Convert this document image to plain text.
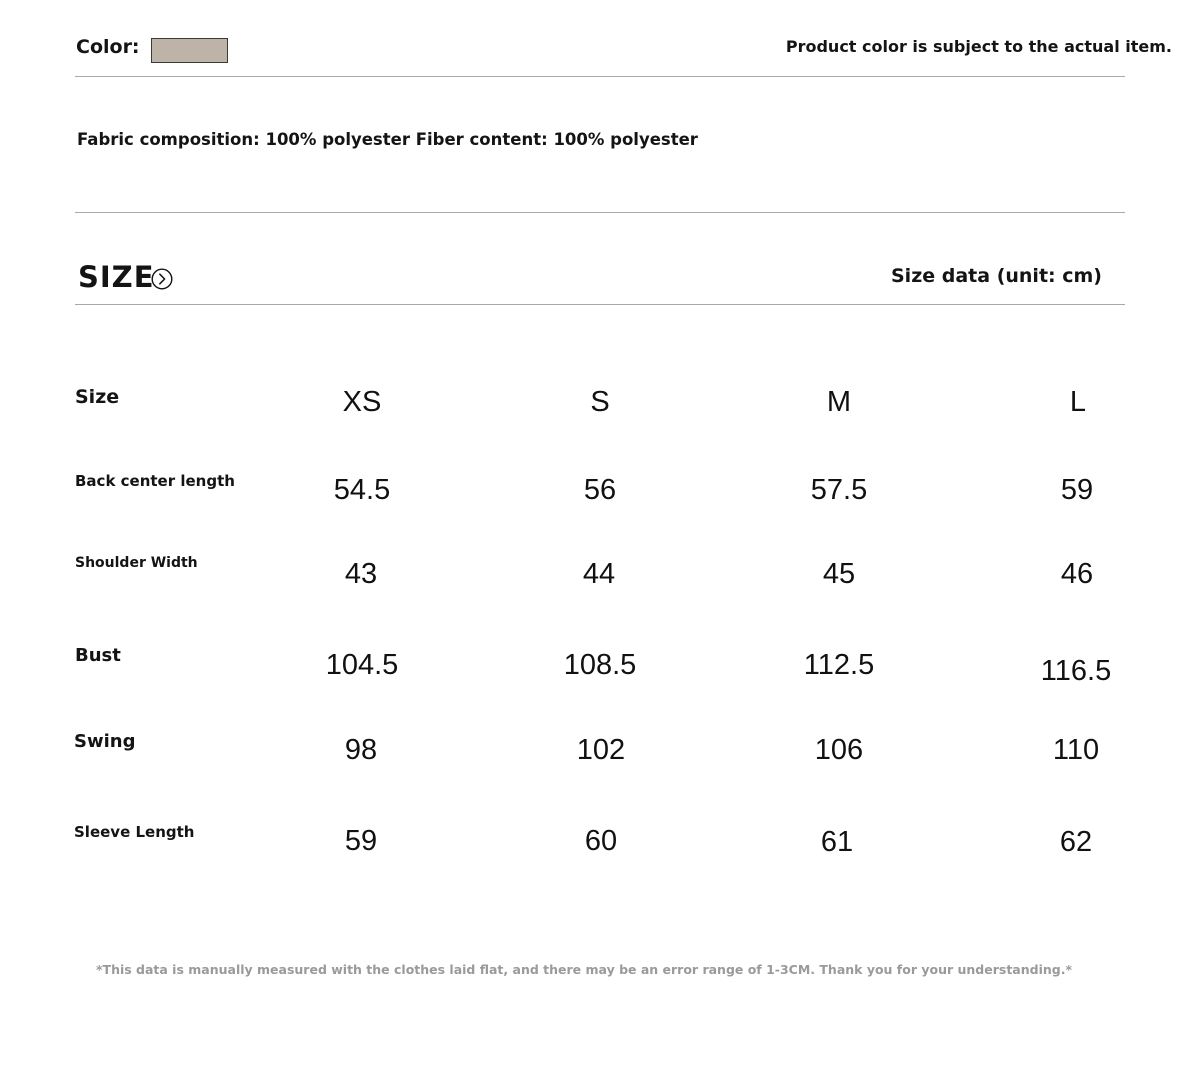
Color:	Product color is subject to the actual item.
Fabric composition: 100% polyester Fiber content: 100% polyester
SIZE	Size data (unit: cm)
Size	XS	S	M	L
Back center length	54.5	56	57.5	59
Shoulder Width	43	44	45	46
Bust	104.5	108.5	112.5	116.5
Swing	98	102	106	110
Sleeve Length	59	60	61	62
*This data is manually measured with the clothes laid flat, and there may be an error range of 1-3CM. Thank you for your understanding.*
